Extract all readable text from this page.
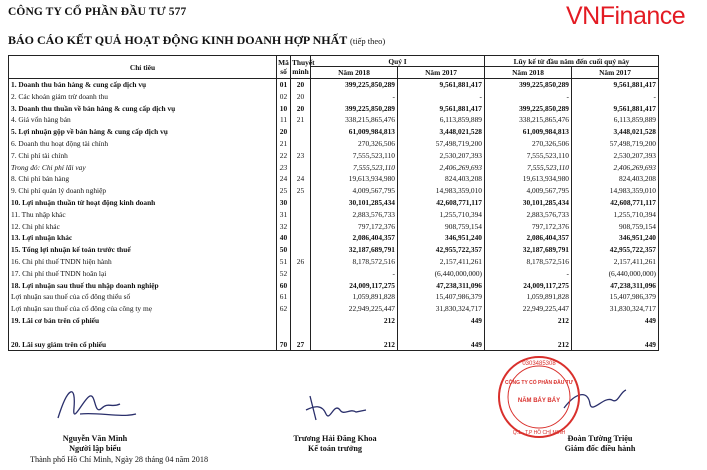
CÔNG TY CỔ PHẦN ĐẦU TƯ 577
BÁO CÁO KẾT QUẢ HOẠT ĐỘNG KINH DOANH HỢP NHẤT (tiếp theo)
VNFinance
Chỉ tiêu	Mã số	Thuyết minh	Quý I		Lũy kế từ đầu năm đến cuối quý này	
			Năm 2018	Năm 2017	Năm 2018	Năm 2017
1. Doanh thu bán hàng & cung cấp dịch vụ	01	20	399,225,850,289	9,561,881,417	399,225,850,289	9,561,881,417
2. Các khoản giảm trừ doanh thu	02	20	-	-	-	-
3. Doanh thu thuần về bán hàng & cung cấp dịch vụ	10	20	399,225,850,289	9,561,881,417	399,225,850,289	9,561,881,417
4. Giá vốn hàng bán	11	21	338,215,865,476	6,113,859,889	338,215,865,476	6,113,859,889
5. Lợi nhuận gộp về bán hàng & cung cấp dịch vụ	20		61,009,984,813	3,448,021,528	61,009,984,813	3,448,021,528
6. Doanh thu hoạt động tài chính	21		270,326,506	57,498,719,200	270,326,506	57,498,719,200
7. Chi phí tài chính	22	23	7,555,523,110	2,530,207,393	7,555,523,110	2,530,207,393
Trong đó: Chi phí lãi vay	23		7,555,523,110	2,406,269,693	7,555,523,110	2,406,269,693
8. Chi phí bán hàng	24	24	19,613,934,980	824,403,208	19,613,934,980	824,403,208
9. Chi phí quản lý doanh nghiệp	25	25	4,009,567,795	14,983,359,010	4,009,567,795	14,983,359,010
10. Lợi nhuận thuần từ hoạt động kinh doanh	30		30,101,285,434	42,608,771,117	30,101,285,434	42,608,771,117
11. Thu nhập khác	31		2,883,576,733	1,255,710,394	2,883,576,733	1,255,710,394
12. Chi phí khác	32		797,172,376	908,759,154	797,172,376	908,759,154
13. Lợi nhuận khác	40		2,086,404,357	346,951,240	2,086,404,357	346,951,240
15. Tổng lợi nhuận kế toán trước thuế	50		32,187,689,791	42,955,722,357	32,187,689,791	42,955,722,357
16. Chi phí thuế TNDN hiện hành	51	26	8,178,572,516	2,157,411,261	8,178,572,516	2,157,411,261
17. Chi phí thuế TNDN hoãn lại	52		-	(6,440,000,000)	-	(6,440,000,000)
18. Lợi nhuận sau thuế thu nhập doanh nghiệp	60		24,009,117,275	47,238,311,096	24,009,117,275	47,238,311,096
Lợi nhuận sau thuế của cổ đông thiểu số	61		1,059,891,828	15,407,986,379	1,059,891,828	15,407,986,379
Lợi nhuận sau thuế của cổ đông của công ty mẹ	62		22,949,225,447	31,830,324,717	22,949,225,447	31,830,324,717
19. Lãi cơ bản trên cổ phiếu			212	449	212	449

20. Lãi suy giảm trên cổ phiếu	70	27	212	449	212	449
0303485308
CÔNG TY CỔ PHẦN ĐẦU TƯ
NĂM BẢY BẢY
Q.1 - T.P HỒ CHÍ MINH
Nguyễn Văn Minh
Người lập biểu
Trương Hải Đăng Khoa
Kế toán trưởng
Đoàn Tường Triệu
Giám đốc điều hành
Thành phố Hồ Chí Minh, Ngày 28 tháng 04 năm 2018
